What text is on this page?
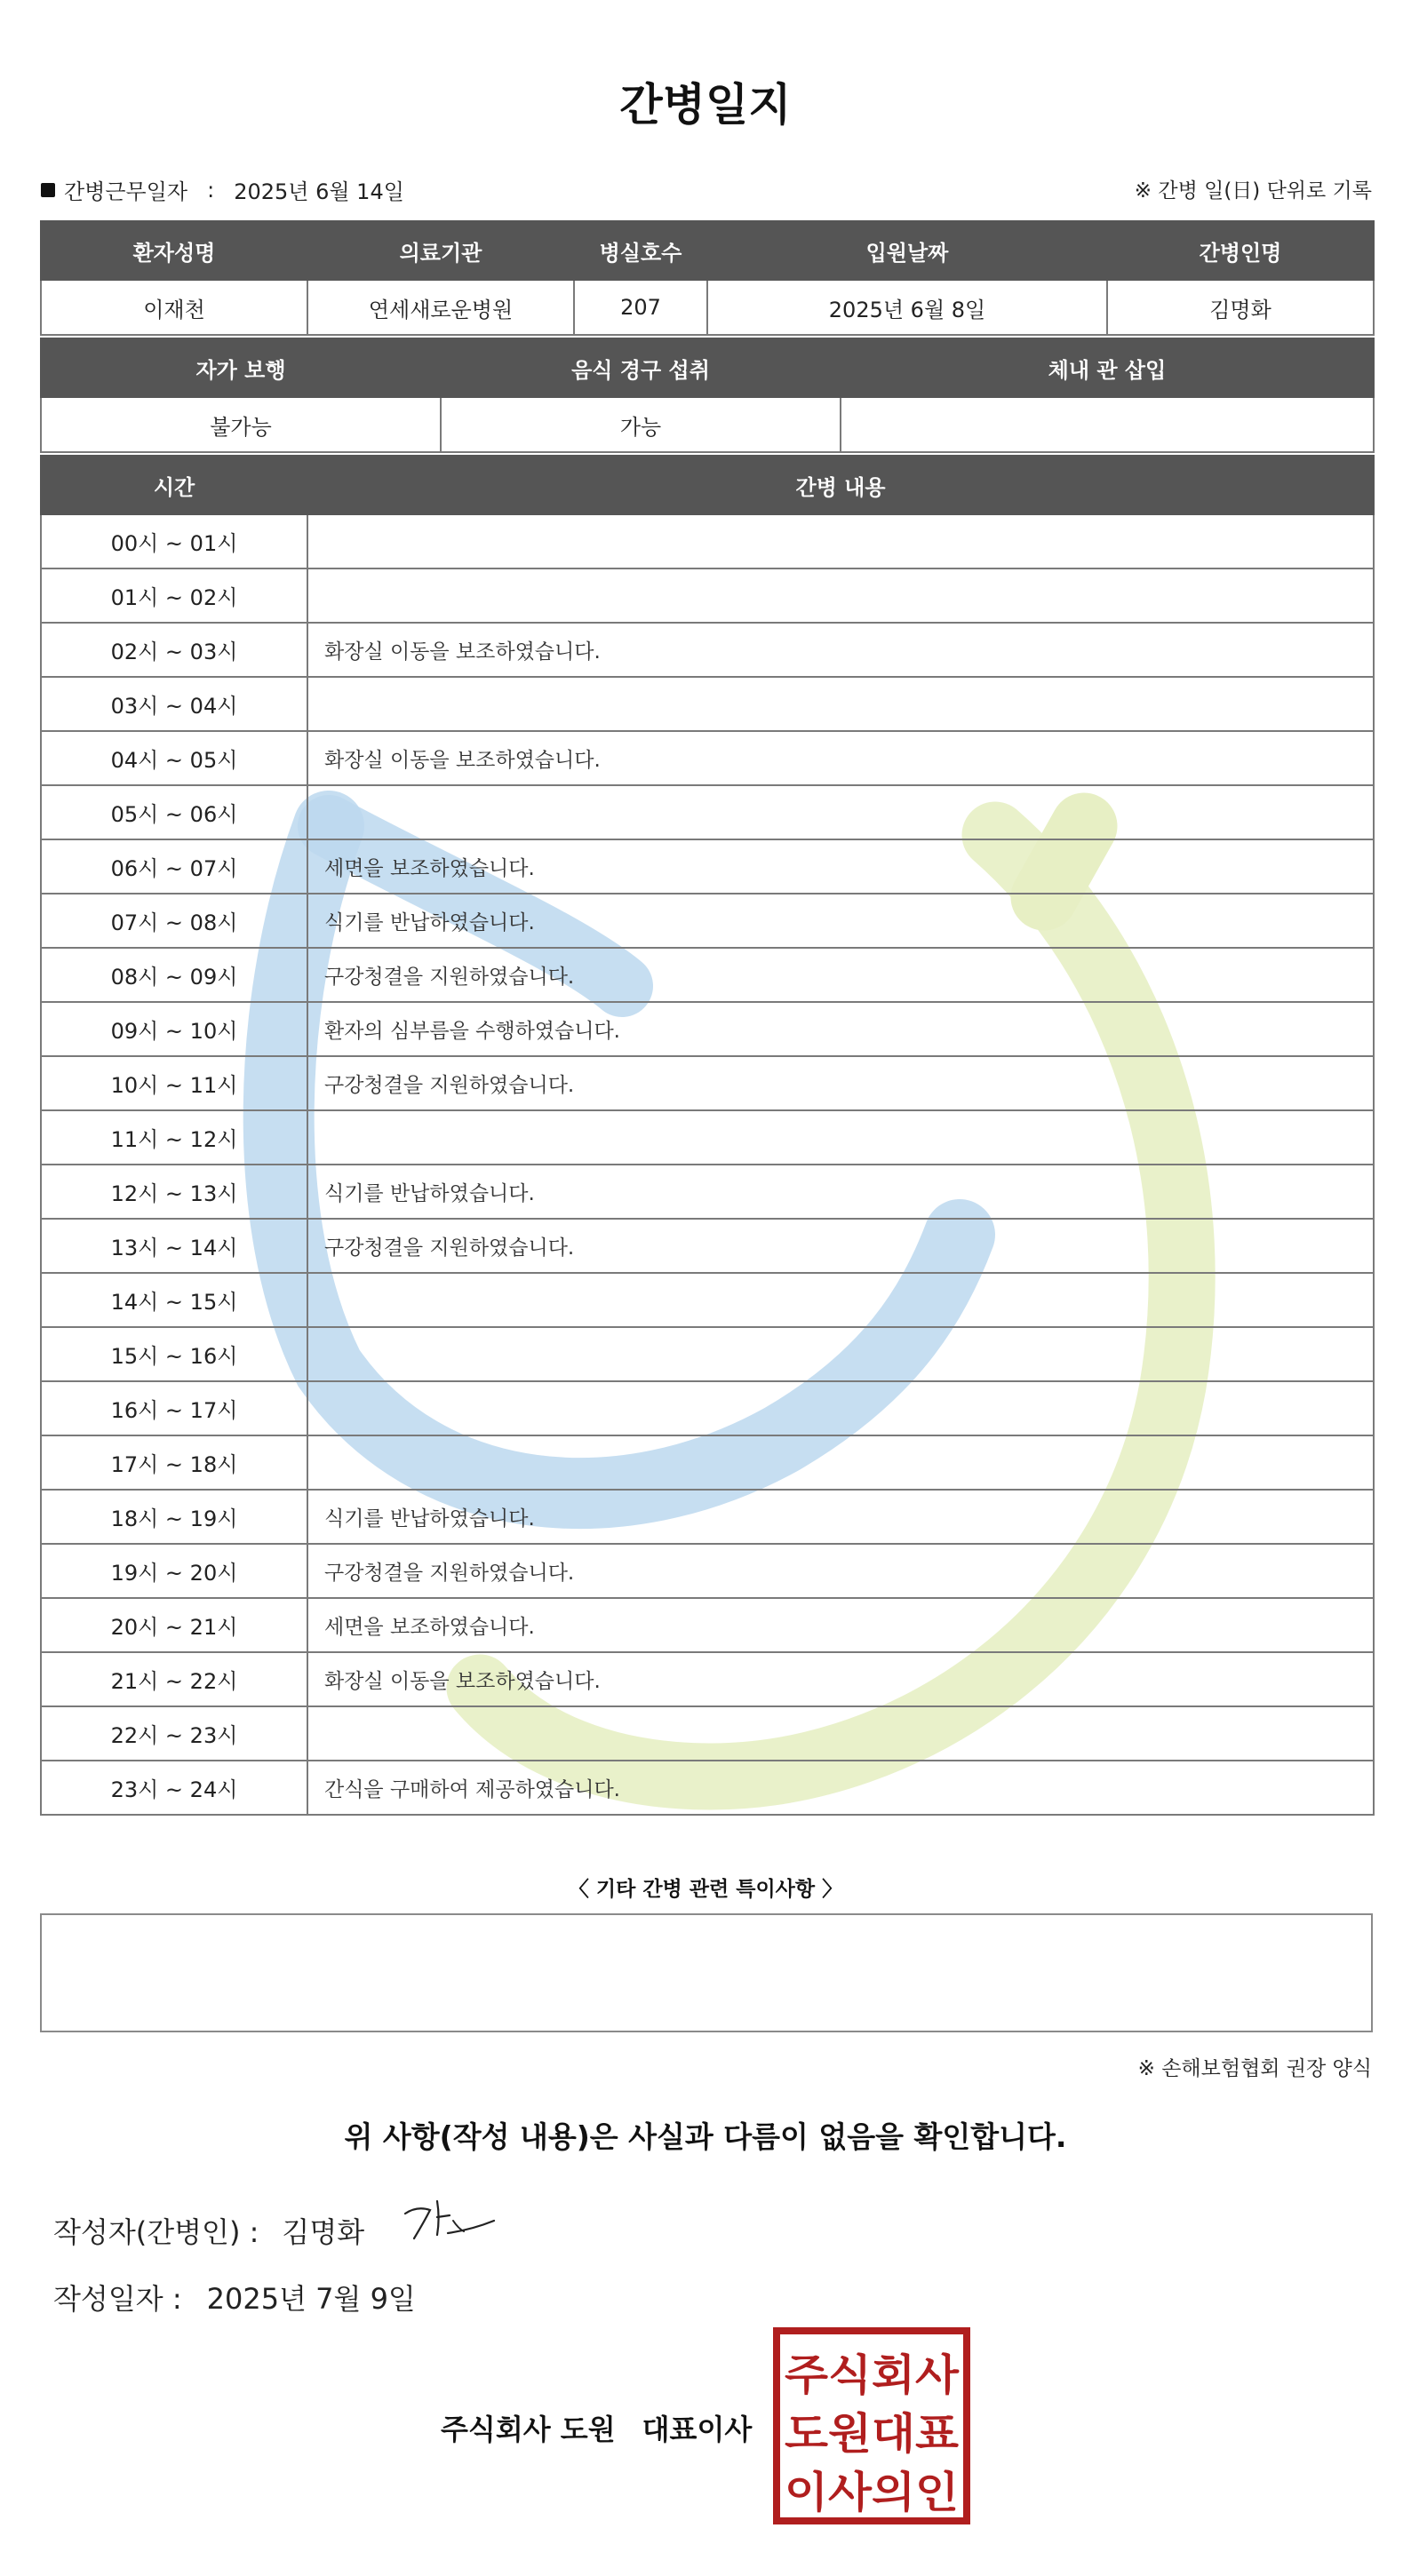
간병일지
간병근무일자 : 2025년 6월 14일	※ 간병 일(日) 단위로 기록
환자성명	의료기관	병실호수	입원날짜	간병인명
이재천	연세새로운병원	207	2025년 6월 8일	김명화
자가 보행	음식 경구 섭취	체내 관 삽입
불가능	가능	
시간	간병 내용
00시 ~ 01시	
01시 ~ 02시	
02시 ~ 03시	화장실 이동을 보조하였습니다.
03시 ~ 04시	
04시 ~ 05시	화장실 이동을 보조하였습니다.
05시 ~ 06시	
06시 ~ 07시	세면을 보조하였습니다.
07시 ~ 08시	식기를 반납하였습니다.
08시 ~ 09시	구강청결을 지원하였습니다.
09시 ~ 10시	환자의 심부름을 수행하였습니다.
10시 ~ 11시	구강청결을 지원하였습니다.
11시 ~ 12시	
12시 ~ 13시	식기를 반납하였습니다.
13시 ~ 14시	구강청결을 지원하였습니다.
14시 ~ 15시	
15시 ~ 16시	
16시 ~ 17시	
17시 ~ 18시	
18시 ~ 19시	식기를 반납하였습니다.
19시 ~ 20시	구강청결을 지원하였습니다.
20시 ~ 21시	세면을 보조하였습니다.
21시 ~ 22시	화장실 이동을 보조하였습니다.
22시 ~ 23시	
23시 ~ 24시	간식을 구매하여 제공하였습니다.
〈 기타 간병 관련 특이사항 〉
※ 손해보험협회 권장 양식
위 사항(작성 내용)은 사실과 다름이 없음을 확인합니다.
작성자(간병인) : 김명화
작성일자 : 2025년 7월 9일
주식회사 도원 대표이사
주식회사
도원대표
이사의인
